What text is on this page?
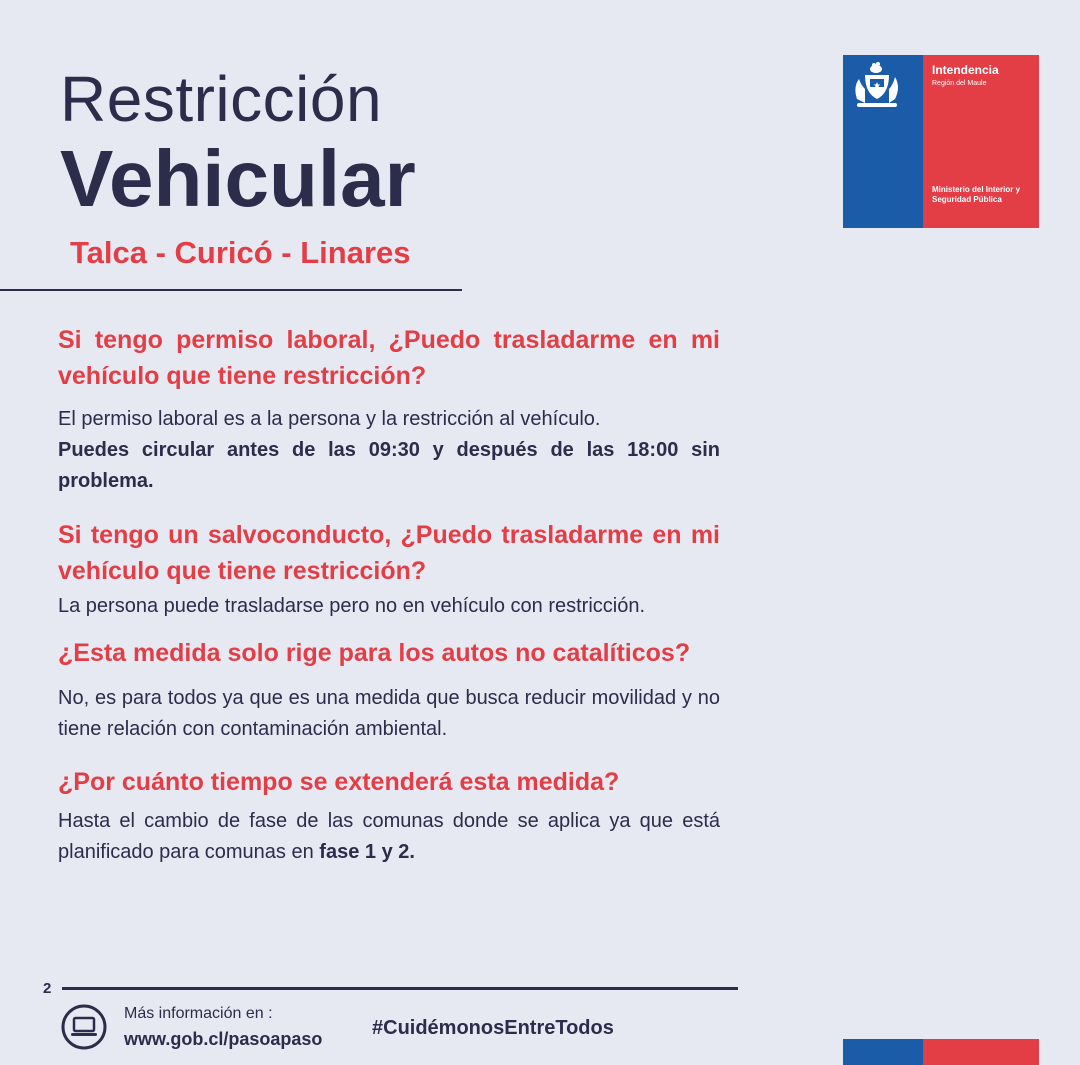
Restricción
Vehicular
Talca - Curicó - Linares
Intendencia
Región del Maule
Ministerio del Interior y Seguridad Pública

Si tengo permiso laboral, ¿Puedo trasladarme en mi vehículo que tiene restricción?

El permiso laboral es a la persona y la restricción al vehículo.
Puedes circular antes de las 09:30 y después de las 18:00 sin problema.

Si tengo un salvoconducto, ¿Puedo trasladarme en mi vehículo que tiene restricción?

La persona puede trasladarse pero no en vehículo con restricción.

¿Esta medida solo rige para los autos no catalíticos?

No, es para todos ya que es una medida que busca reducir movilidad y no tiene relación con contaminación ambiental.

¿Por cuánto tiempo se extenderá esta medida?

Hasta el cambio de fase de las comunas donde se aplica ya que está planificado para comunas en fase 1 y 2.

2
Más información en :
www.gob.cl/pasoapaso #CuidémonosEntreTodos
